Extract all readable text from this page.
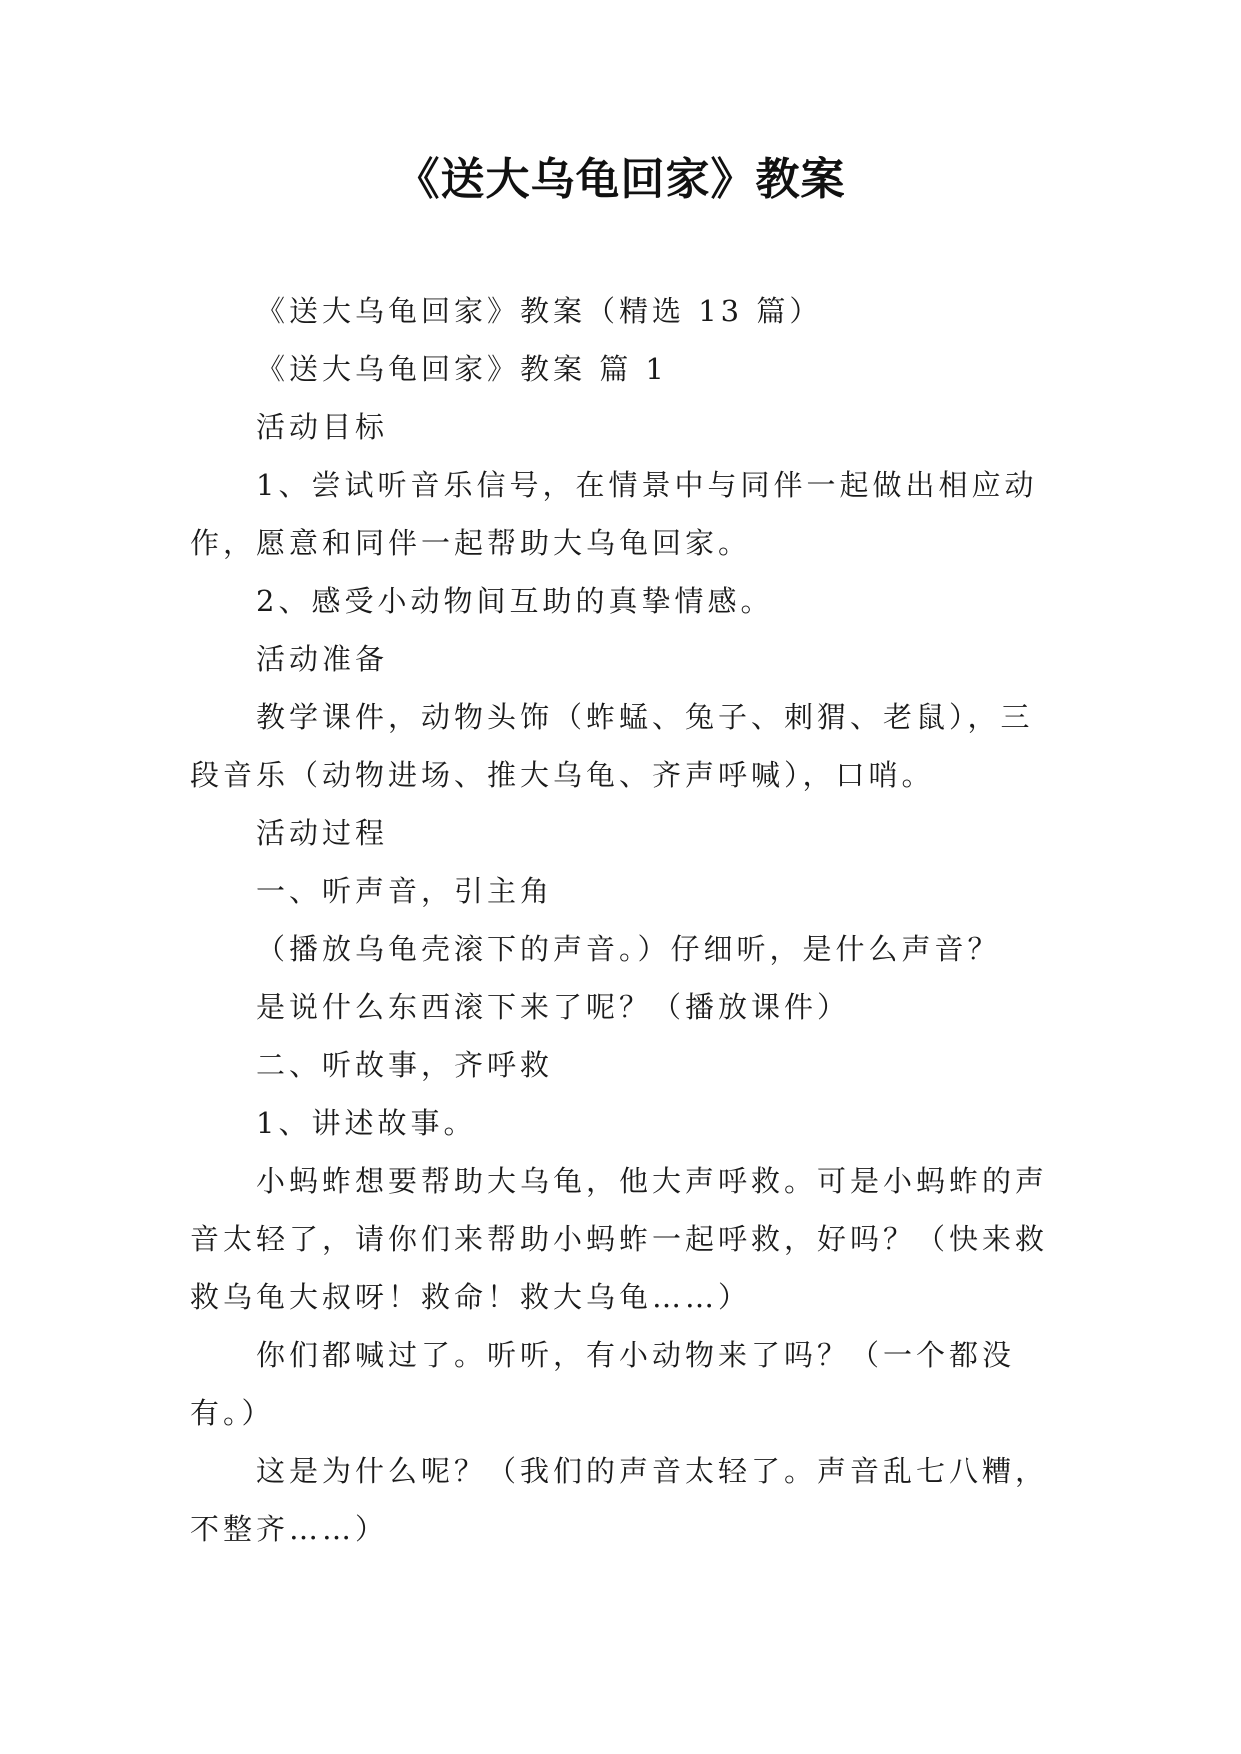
《送大乌龟回家》教案

《送大乌龟回家》教案（精选 13 篇）

《送大乌龟回家》教案 篇 1

活动目标

1、尝试听音乐信号，在情景中与同伴一起做出相应动作，愿意和同伴一起帮助大乌龟回家。

2、感受小动物间互助的真挚情感。

活动准备

教学课件，动物头饰（蚱蜢、兔子、刺猬、老鼠），三段音乐（动物进场、推大乌龟、齐声呼喊），口哨。

活动过程

一、听声音，引主角

（播放乌龟壳滚下的声音。）仔细听，是什么声音？

是说什么东西滚下来了呢？（播放课件）

二、听故事，齐呼救

1、讲述故事。

小蚂蚱想要帮助大乌龟，他大声呼救。可是小蚂蚱的声音太轻了，请你们来帮助小蚂蚱一起呼救，好吗？（快来救救乌龟大叔呀！救命！救大乌龟……）

你们都喊过了。听听，有小动物来了吗？（一个都没有。）

这是为什么呢？（我们的声音太轻了。声音乱七八糟，不整齐……）
